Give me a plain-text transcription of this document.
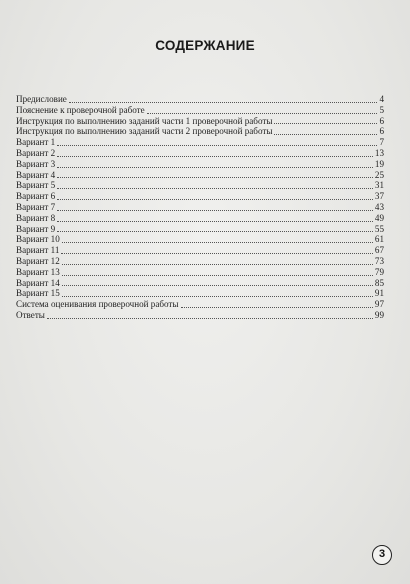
СОДЕРЖАНИЕ
Предисловие	4
Пояснение к проверочной работе	5
Инструкция по выполнению заданий части 1 проверочной работы	6
Инструкция по выполнению заданий части 2 проверочной работы	6
Вариант 1	7
Вариант 2	13
Вариант 3	19
Вариант 4	25
Вариант 5	31
Вариант 6	37
Вариант 7	43
Вариант 8	49
Вариант 9	55
Вариант 10	61
Вариант 11	67
Вариант 12	73
Вариант 13	79
Вариант 14	85
Вариант 15	91
Система оценивания проверочной работы	97
Ответы	99
3
